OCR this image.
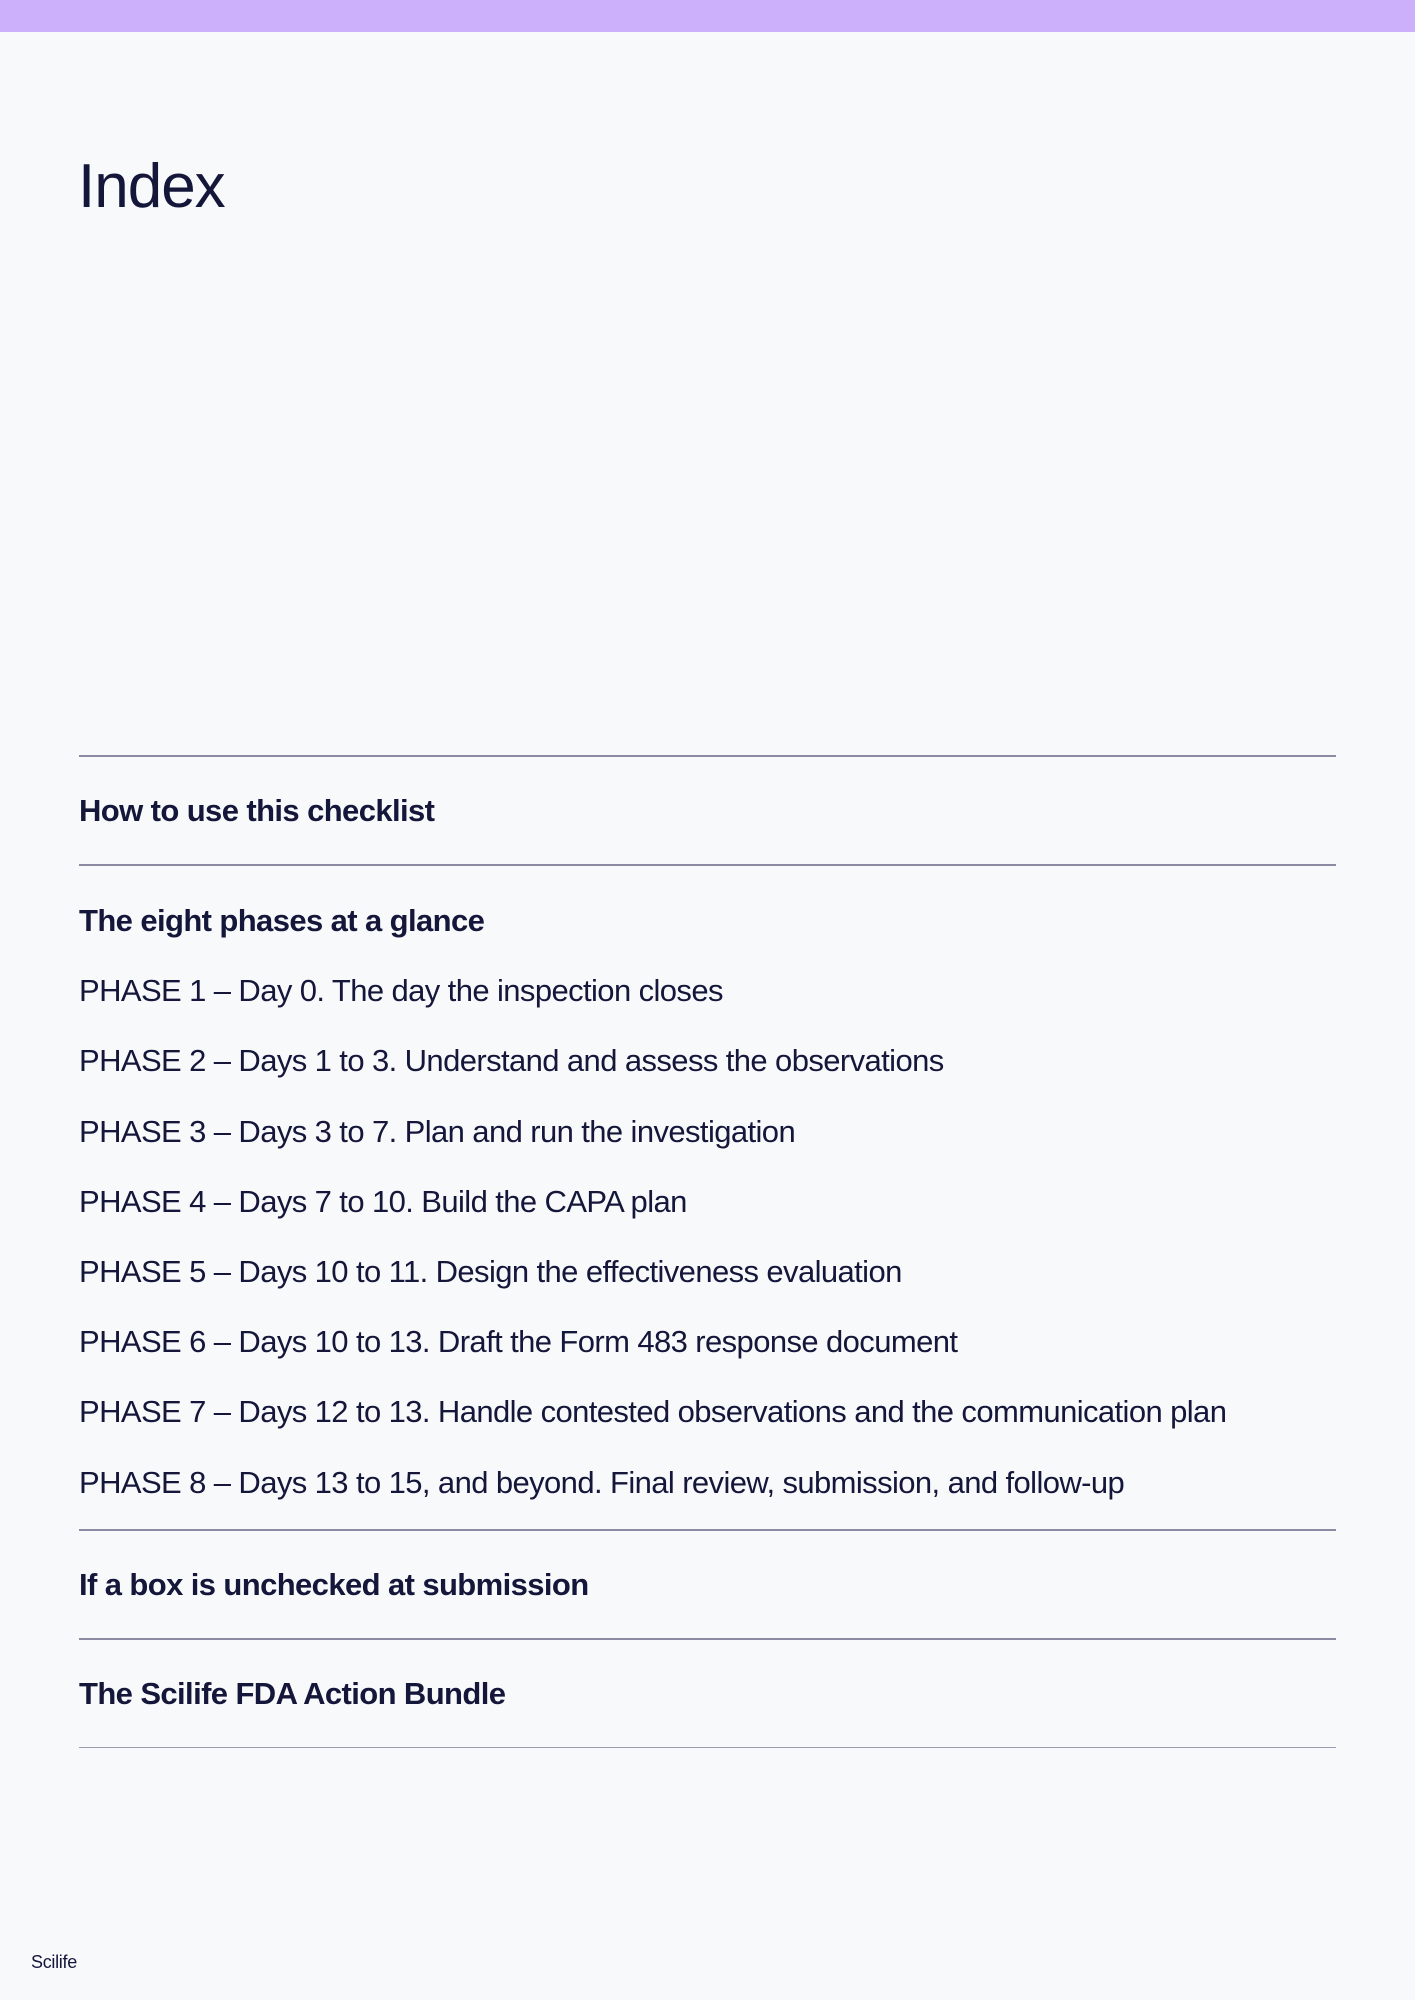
Index
How to use this checklist
The eight phases at a glance
PHASE 1 – Day 0. The day the inspection closes
PHASE 2 – Days 1 to 3. Understand and assess the observations
PHASE 3 – Days 3 to 7. Plan and run the investigation
PHASE 4 – Days 7 to 10. Build the CAPA plan
PHASE 5 – Days 10 to 11. Design the effectiveness evaluation
PHASE 6 – Days 10 to 13. Draft the Form 483 response document
PHASE 7 – Days 12 to 13. Handle contested observations and the communication plan
PHASE 8 – Days 13 to 15, and beyond. Final review, submission, and follow-up
If a box is unchecked at submission
The Scilife FDA Action Bundle
Scilife
